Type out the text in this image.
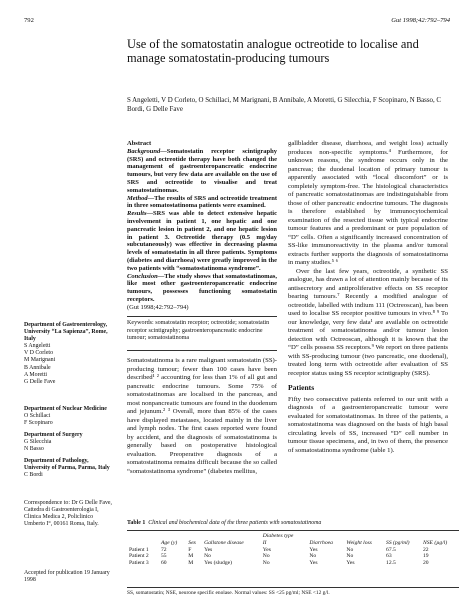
792	Gut 1998;42:792–794
Use of the somatostatin analogue octreotide to localise and manage somatostatin-producing tumours
S Angeletti, V D Corleto, O Schillaci, M Marignani, B Annibale, A Moretti, G Silecchia, F Scopinaro, N Basso, C Bordi, G Delle Fave

Abstract

Background—Somatostatin receptor scintigraphy (SRS) and octreotide therapy have both changed the management of gastroenteropancreatic endocrine tumours, but very few data are available on the use of SRS and octreotide to visualise and treat somatostatinomas.

Method—The results of SRS and octreotide treatment in three somatostatinoma patients were examined.

Results—SRS was able to detect extensive hepatic involvement in patient 1, one hepatic and one pancreatic lesion in patient 2, and one hepatic lesion in patient 3. Octreotide therapy (0.5 mg/day subcutaneously) was effective in decreasing plasma levels of somatostatin in all three patients. Symptoms (diabetes and diarrhoea) were greatly improved in the two patients with “somatostatinoma syndrome”.

Conclusion—The study shows that somatostatinomas, like most other gastroenteropancreatic endocrine tumours, possesses functioning somatostatin receptors.

(Gut 1998;42:792–794)

Keywords: somatostatin receptor; octreotide; somatostatin receptor scintigraphy; gastroenteropancreatic endocrine tumour; somatostatinoma
Department of Gastroenterology, University “La Sapienza”, Rome, Italy
S Angeletti
V D Corleto
M Marignani
B Annibale
A Moretti
G Delle Fave
Department of Nuclear Medicine
O Schillaci
F Scopinaro
Department of Surgery
G Silecchia
N Basso
Department of Pathology, University of Parma, Parma, Italy
C Bordi
Correspondence to: Dr G Delle Fave, Cattedra di Gastroenterologia I, Clinica Medica 2, Policlinico Umberto I°, 00161 Roma, Italy.
Accepted for publication 19 January 1998

Somatostatinoma is a rare malignant somatostatin (SS)-producing tumour; fewer than 100 cases have been described¹ ² accounting for less than 1% of all gut and pancreatic endocrine tumours. Some 75% of somatostatinomas are localised in the pancreas, and most nonpancreatic tumours are found in the duodenum and jejunum.² ³ Overall, more than 85% of the cases have displayed metastases, located mainly in the liver and lymph nodes. The first cases reported were found by accident, and the diagnosis of somatostatinoma is generally based on postoperative histological evaluation. Preoperative diagnosis of a somatostatinoma remains difficult because the so called “somatostatinoma syndrome” (diabetes mellitus,

gallbladder disease, diarrhoea, and weight loss) actually produces non-specific symptoms.⁴ Furthermore, for unknown reasons, the syndrome occurs only in the pancreas; the duodenal location of primary tumour is apparently associated with “local discomfort” or is completely symptom-free. The histological characteristics of pancreatic somatostatinomas are indistinguishable from those of other pancreatic endocrine tumours. The diagnosis is therefore established by immunocytochemical examination of the resected tissue with typical endocrine tumour features and a predominant or pure population of “D” cells. Often a significantly increased concentration of SS-like immunoreactivity in the plasma and/or tumoral extracts further supports the diagnosis of somatostatinoma in many studies.⁵ ⁶

Over the last few years, octreotide, a synthetic SS analogue, has drawn a lot of attention mainly because of its antisecretory and antiproliferative effects on SS receptor bearing tumours.⁷ Recently a modified analogue of octreotide, labelled with indium 111 (Octreoscan), has been used to localise SS receptor positive tumours in vivo.⁸ ⁹ To our knowledge, very few data¹ are available on octreotide treatment of somatostatinoma and/or tumour lesion detection with Octreoscan, although it is known that the “D” cells possess SS receptors.⁹ We report on three patients with SS-producing tumour (two pancreatic, one duodenal), treated long term with octreotide after evaluation of SS receptor status using SS receptor scintigraphy (SRS).

Patients

Fifty two consecutive patients referred to our unit with a diagnosis of a gastroenteropancreatic tumour were evaluated for somatostatinomas. In three of the patients, a somatostatinoma was diagnosed on the basis of high basal circulating levels of SS, increased “D” cell number in tumour tissue specimens, and, in two of them, the presence of somatostatinoma syndrome (table 1).

Table 1 Clinical and biochemical data of the three patients with somatostatinoma
				Diabetes type				
	Age (y)	Sex	Gallstone disease	II	Diarrhoea	Weight loss	SS (pg/ml)	NSE (µg/l)
Patient 1	72	F	Yes	Yes	Yes	No	67.5	22
Patient 2	55	M	No	No	No	No	63	19
Patient 3	60	M	Yes (sludge)	No	Yes	Yes	12.5	20
SS, somatostatin; NSE, neurone specific enolase. Normal values: SS <25 pg/ml; NSE <12 g/l.
